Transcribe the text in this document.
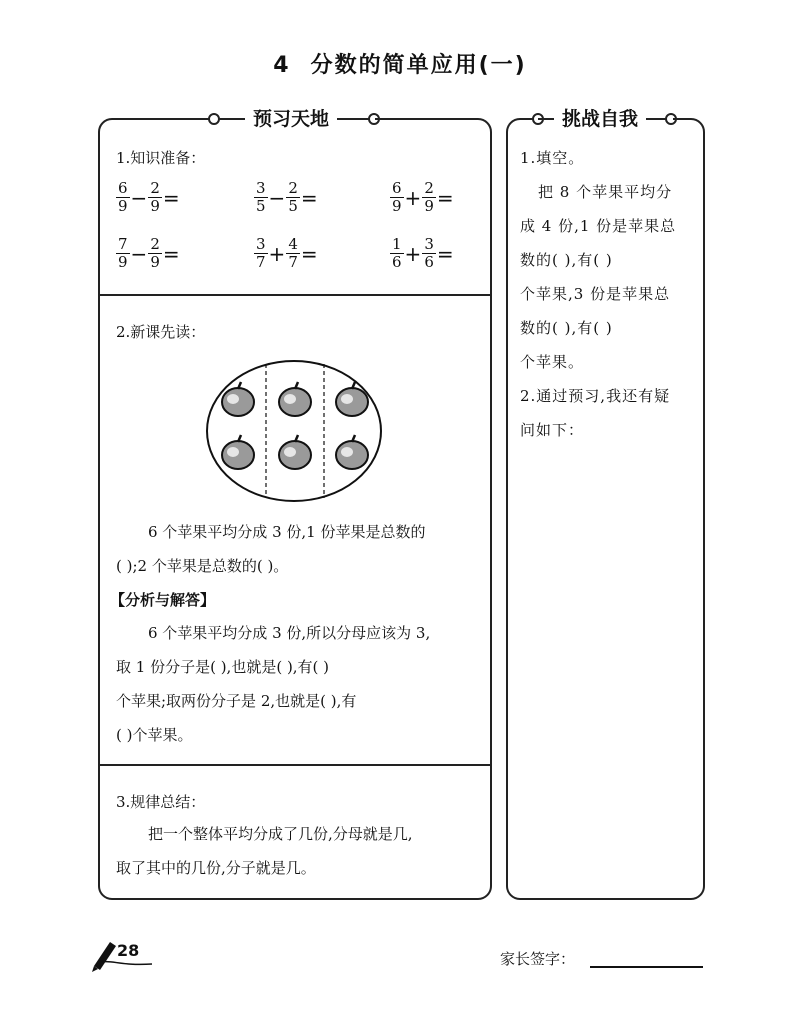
4 分数的简单应用(一)
预习天地
1.知识准备：
$\frac{6}{9} - \frac{2}{9}$ =	$\frac{3}{5} - \frac{2}{5}$ =	$\frac{6}{9} + \frac{2}{9}$ =
$\frac{7}{9} - \frac{2}{9}$ =	$\frac{3}{7} + \frac{4}{7}$ =	$\frac{1}{6} + \frac{3}{6}$ =
2.新课先读：
6 个苹果平均分成 3 份,1 份苹果是总数的
( );2 个苹果是总数的( )。
【分析与解答】
6 个苹果平均分成 3 份,所以分母应该为 3,
取 1 份分子是( ),也就是( ),有( )
个苹果;取两份分子是 2,也就是( ),有
( )个苹果。
3.规律总结：
把一个整体平均分成了几份,分母就是几,
取了其中的几份,分子就是几。
挑战自我
1.填空。
把 8 个苹果平均分
成 4 份,1 份是苹果总
数的( ),有( )
个苹果,3 份是苹果总
数的( ),有( )
个苹果。
2.通过预习,我还有疑
问如下：
28	家长签字：
